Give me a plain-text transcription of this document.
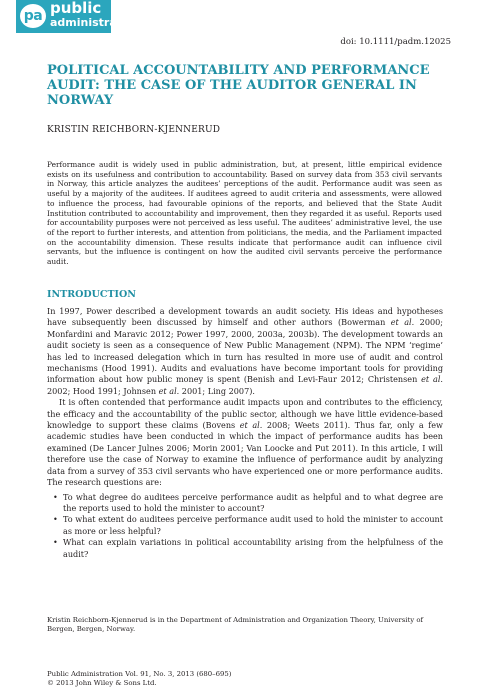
pa public
administration
doi: 10.1111/padm.12025
POLITICAL ACCOUNTABILITY AND PERFORMANCE AUDIT: THE CASE OF THE AUDITOR GENERAL IN NORWAY
KRISTIN REICHBORN-KJENNERUD

Performance audit is widely used in public administration, but, at present, little empirical evidence exists on its usefulness and contribution to accountability. Based on survey data from 353 civil servants in Norway, this article analyzes the auditees’ perceptions of the audit. Performance audit was seen as useful by a majority of the auditees. If auditees agreed to audit criteria and assessments, were allowed to influence the process, had favourable opinions of the reports, and believed that the State Audit Institution contributed to accountability and improvement, then they regarded it as useful. Reports used for accountability purposes were not perceived as less useful. The auditees’ administrative level, the use of the report to further interests, and attention from politicians, the media, and the Parliament impacted on the accountability dimension. These results indicate that performance audit can influence civil servants, but the influence is contingent on how the audited civil servants perceive the performance audit.

INTRODUCTION

In 1997, Power described a development towards an audit society. His ideas and hypotheses have subsequently been discussed by himself and other authors (Bowerman et al. 2000; Monfardini and Maravic 2012; Power 1997, 2000, 2003a, 2003b). The development towards an audit society is seen as a consequence of New Public Management (NPM). The NPM ‘regime’ has led to increased delegation which in turn has resulted in more use of audit and control mechanisms (Hood 1991). Audits and evaluations have become important tools for providing information about how public money is spent (Benish and Levi-Faur 2012; Christensen et al. 2002; Hood 1991; Johnsen et al. 2001; Ling 2007).

It is often contended that performance audit impacts upon and contributes to the efficiency, the efficacy and the accountability of the public sector, although we have little evidence-based knowledge to support these claims (Bovens et al. 2008; Weets 2011). Thus far, only a few academic studies have been conducted in which the impact of performance audits has been examined (De Lancer Julnes 2006; Morin 2001; Van Loocke and Put 2011). In this article, I will therefore use the case of Norway to examine the influence of performance audit by analyzing data from a survey of 353 civil servants who have experienced one or more performance audits. The research questions are:

• To what degree do auditees perceive performance audit as helpful and to what degree are the reports used to hold the minister to account?
• To what extent do auditees perceive performance audit used to hold the minister to account as more or less helpful?
• What can explain variations in political accountability arising from the helpfulness of the audit?
Kristin Reichborn-Kjennerud is in the Department of Administration and Organization Theory, University of Bergen, Bergen, Norway.
Public Administration Vol. 91, No. 3, 2013 (680–695)
© 2013 John Wiley & Sons Ltd.
